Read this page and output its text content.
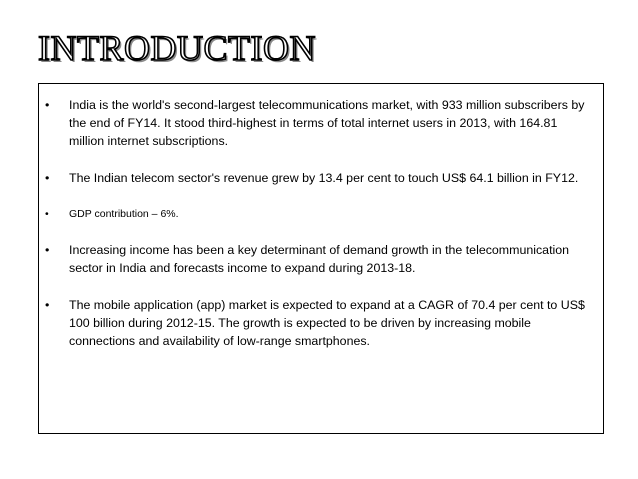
INTRODUCTION
•	India is the world's second-largest telecommunications market, with 933 million subscribers by the end of FY14. It stood third-highest in terms of total internet users in 2013, with 164.81 million internet subscriptions.
•	The Indian telecom sector's revenue grew by 13.4 per cent to touch US$ 64.1 billion in FY12.
•	GDP contribution – 6%.
•	Increasing income has been a key determinant of demand growth in the telecommunication sector in India and forecasts income to expand during 2013-18.
•	The mobile application (app) market is expected to expand at a CAGR of 70.4 per cent to US$ 100 billion during 2012-15. The growth is expected to be driven by increasing mobile connections and availability of low-range smartphones.
